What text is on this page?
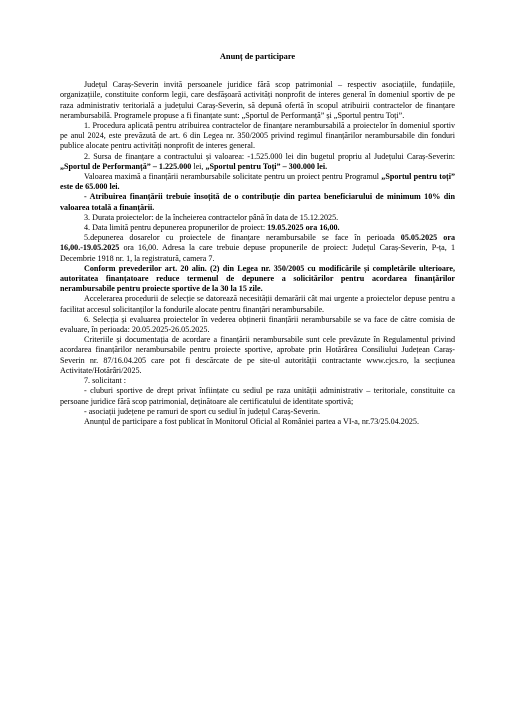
Anunț de participare

Județul Caraș-Severin invită persoanele juridice fără scop patrimonial – respectiv asociațiile, fundațiile, organizațiile, constituite conform legii, care desfășoară activități nonprofit de interes general în domeniul sportiv de pe raza administrativ teritorială a județului Caraș-Severin, să depună ofertă în scopul atribuirii contractelor de finanțare nerambursabilă. Programele propuse a fi finanțate sunt: „Sportul de Performanță” și „Sportul pentru Toți”.

1. Procedura aplicată pentru atribuirea contractelor de finanțare nerambursabilă a proiectelor în domeniul sportiv pe anul 2024, este prevăzută de art. 6 din Legea nr. 350/2005 privind regimul finanțărilor nerambursabile din fonduri publice alocate pentru activități nonprofit de interes general.

2. Sursa de finanțare a contractului și valoarea: -1.525.000 lei din bugetul propriu al Județului Caraș-Severin: „Sportul de Performanță” – 1.225.000 lei, „Sportul pentru Toți” – 300.000 lei.

Valoarea maximă a finanțării nerambursabile solicitate pentru un proiect pentru Programul „Sportul pentru toți” este de 65.000 lei.

- Atribuirea finanțării trebuie însoțită de o contribuție din partea beneficiarului de minimum 10% din valoarea totală a finanțării.

3. Durata proiectelor: de la încheierea contractelor până în data de 15.12.2025.

4. Data limită pentru depunerea propunerilor de proiect: 19.05.2025 ora 16,00.

5.depunerea dosarelor cu proiectele de finanțare nerambursabile se face în perioada 05.05.2025 ora 16,00.-19.05.2025 ora 16,00. Adresa la care trebuie depuse propunerile de proiect: Județul Caraș-Severin, P-ța, 1 Decembrie 1918 nr. 1, la registratură, camera 7.

Conform prevederilor art. 20 alin. (2) din Legea nr. 350/2005 cu modificările și completările ulterioare, autoritatea finanțatoare reduce termenul de depunere a solicitărilor pentru acordarea finanțărilor nerambursabile pentru proiecte sportive de la 30 la 15 zile.

Accelerarea procedurii de selecție se datorează necesității demarării cât mai urgente a proiectelor depuse pentru a facilitat accesul solicitanților la fondurile alocate pentru finanțări nerambursabile.

6. Selecția și evaluarea proiectelor în vederea obținerii finanțării nerambursabile se va face de către comisia de evaluare, în perioada: 20.05.2025-26.05.2025.

Criteriile și documentația de acordare a finanțării nerambursabile sunt cele prevăzute în Regulamentul privind acordarea finanțărilor nerambursabile pentru proiecte sportive, aprobate prin Hotărârea Consiliului Județean Caraș-Severin nr. 87/16.04.205 care pot fi descărcate de pe site-ul autorității contractante www.cjcs.ro, la secțiunea Activitate/Hotărâri/2025.

7. solicitant :

- cluburi sportive de drept privat înființate cu sediul pe raza unității administrativ – teritoriale, constituite ca persoane juridice fără scop patrimonial, deținătoare ale certificatului de identitate sportivă;

- asociații județene pe ramuri de sport cu sediul în județul Caraș-Severin.

Anunțul de participare a fost publicat în Monitorul Oficial al României partea a VI-a, nr.73/25.04.2025.
